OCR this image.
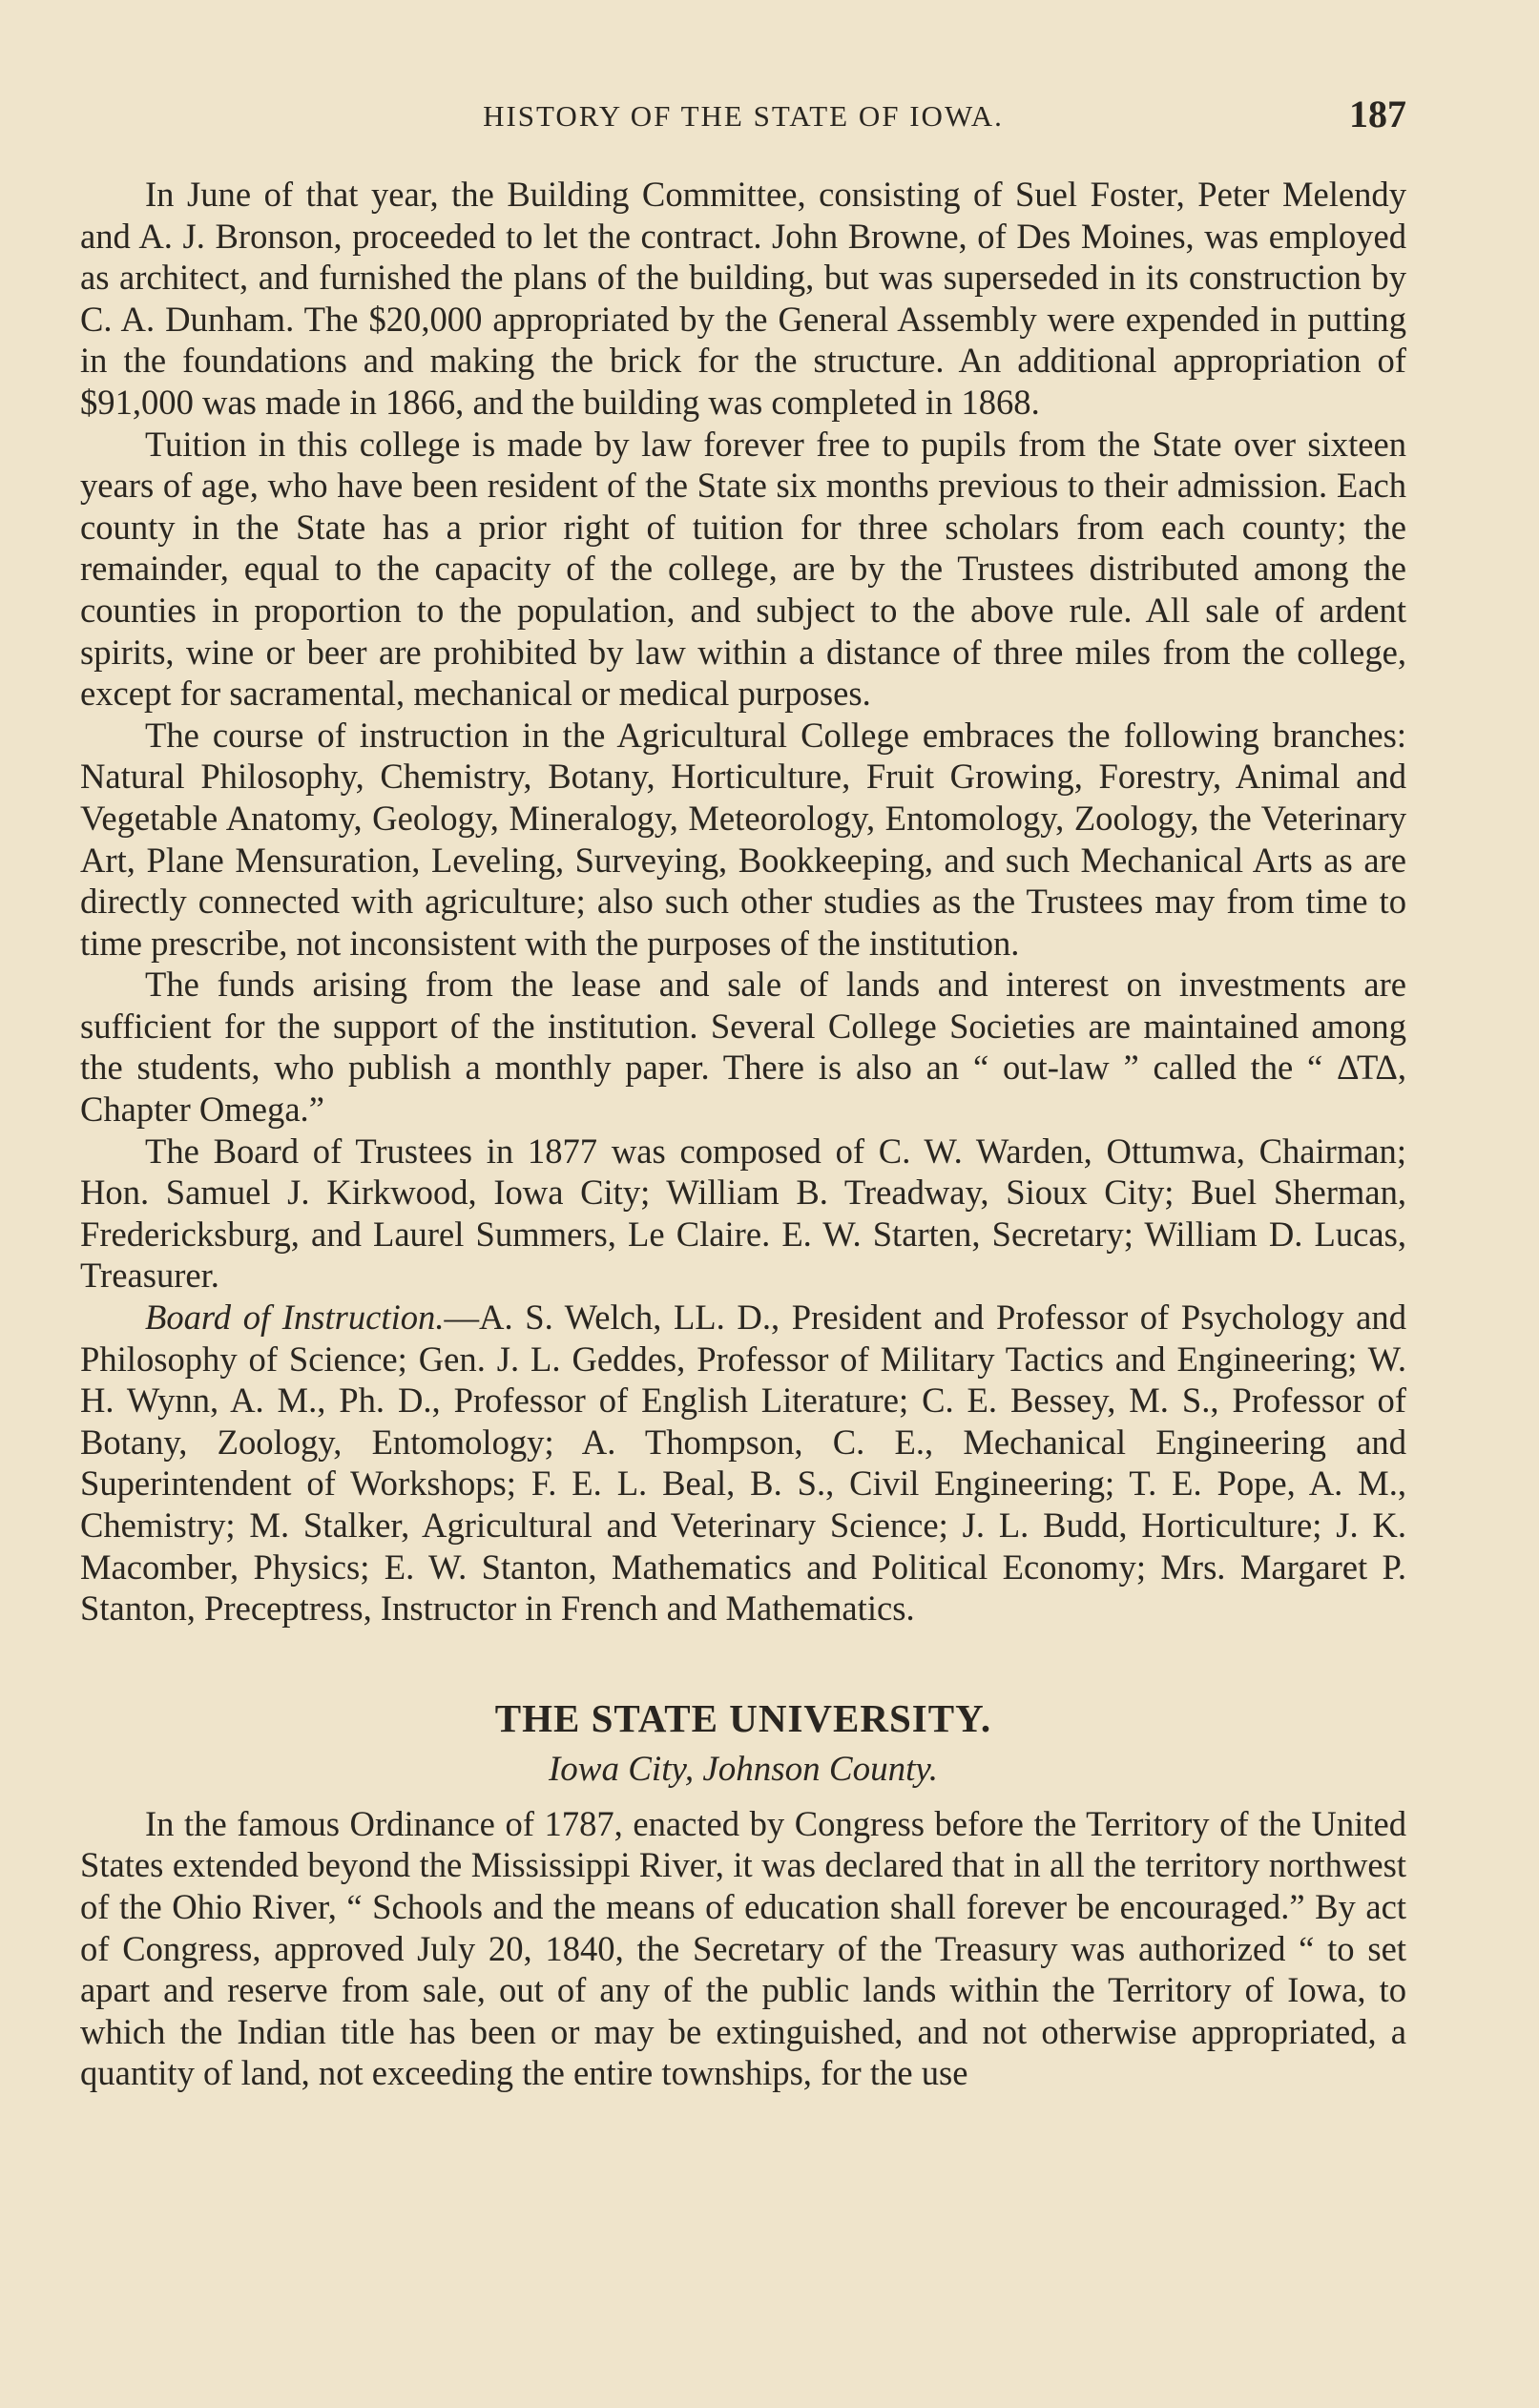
HISTORY OF THE STATE OF IOWA.	187

In June of that year, the Building Committee, consisting of Suel Foster, Peter Melendy and A. J. Bronson, proceeded to let the contract. John Browne, of Des Moines, was employed as architect, and furnished the plans of the building, but was superseded in its construction by C. A. Dunham. The $20,000 appropriated by the General Assembly were expended in putting in the foundations and making the brick for the structure. An additional appropriation of $91,000 was made in 1866, and the building was completed in 1868.

Tuition in this college is made by law forever free to pupils from the State over sixteen years of age, who have been resident of the State six months previous to their admission. Each county in the State has a prior right of tuition for three scholars from each county; the remainder, equal to the capacity of the college, are by the Trustees distributed among the counties in proportion to the population, and subject to the above rule. All sale of ardent spirits, wine or beer are prohibited by law within a distance of three miles from the college, except for sacramental, mechanical or medical purposes.

The course of instruction in the Agricultural College embraces the following branches: Natural Philosophy, Chemistry, Botany, Horticulture, Fruit Growing, Forestry, Animal and Vegetable Anatomy, Geology, Mineralogy, Meteorology, Entomology, Zoology, the Veterinary Art, Plane Mensuration, Leveling, Surveying, Bookkeeping, and such Mechanical Arts as are directly connected with agriculture; also such other studies as the Trustees may from time to time prescribe, not inconsistent with the purposes of the institution.

The funds arising from the lease and sale of lands and interest on investments are sufficient for the support of the institution. Several College Societies are maintained among the students, who publish a monthly paper. There is also an “ out-law ” called the “ ΔΤΔ, Chapter Omega.”

The Board of Trustees in 1877 was composed of C. W. Warden, Ottumwa, Chairman; Hon. Samuel J. Kirkwood, Iowa City; William B. Treadway, Sioux City; Buel Sherman, Fredericksburg, and Laurel Summers, Le Claire. E. W. Starten, Secretary; William D. Lucas, Treasurer.

Board of Instruction.—A. S. Welch, LL. D., President and Professor of Psychology and Philosophy of Science; Gen. J. L. Geddes, Professor of Military Tactics and Engineering; W. H. Wynn, A. M., Ph. D., Professor of English Literature; C. E. Bessey, M. S., Professor of Botany, Zoology, Entomology; A. Thompson, C. E., Mechanical Engineering and Superintendent of Workshops; F. E. L. Beal, B. S., Civil Engineering; T. E. Pope, A. M., Chemistry; M. Stalker, Agricultural and Veterinary Science; J. L. Budd, Horticulture; J. K. Macomber, Physics; E. W. Stanton, Mathematics and Political Economy; Mrs. Margaret P. Stanton, Preceptress, Instructor in French and Mathematics.

THE STATE UNIVERSITY.
Iowa City, Johnson County.

In the famous Ordinance of 1787, enacted by Congress before the Territory of the United States extended beyond the Mississippi River, it was declared that in all the territory northwest of the Ohio River, “ Schools and the means of education shall forever be encouraged.” By act of Congress, approved July 20, 1840, the Secretary of the Treasury was authorized “ to set apart and reserve from sale, out of any of the public lands within the Territory of Iowa, to which the Indian title has been or may be extinguished, and not otherwise appropriated, a quantity of land, not exceeding the entire townships, for the use
